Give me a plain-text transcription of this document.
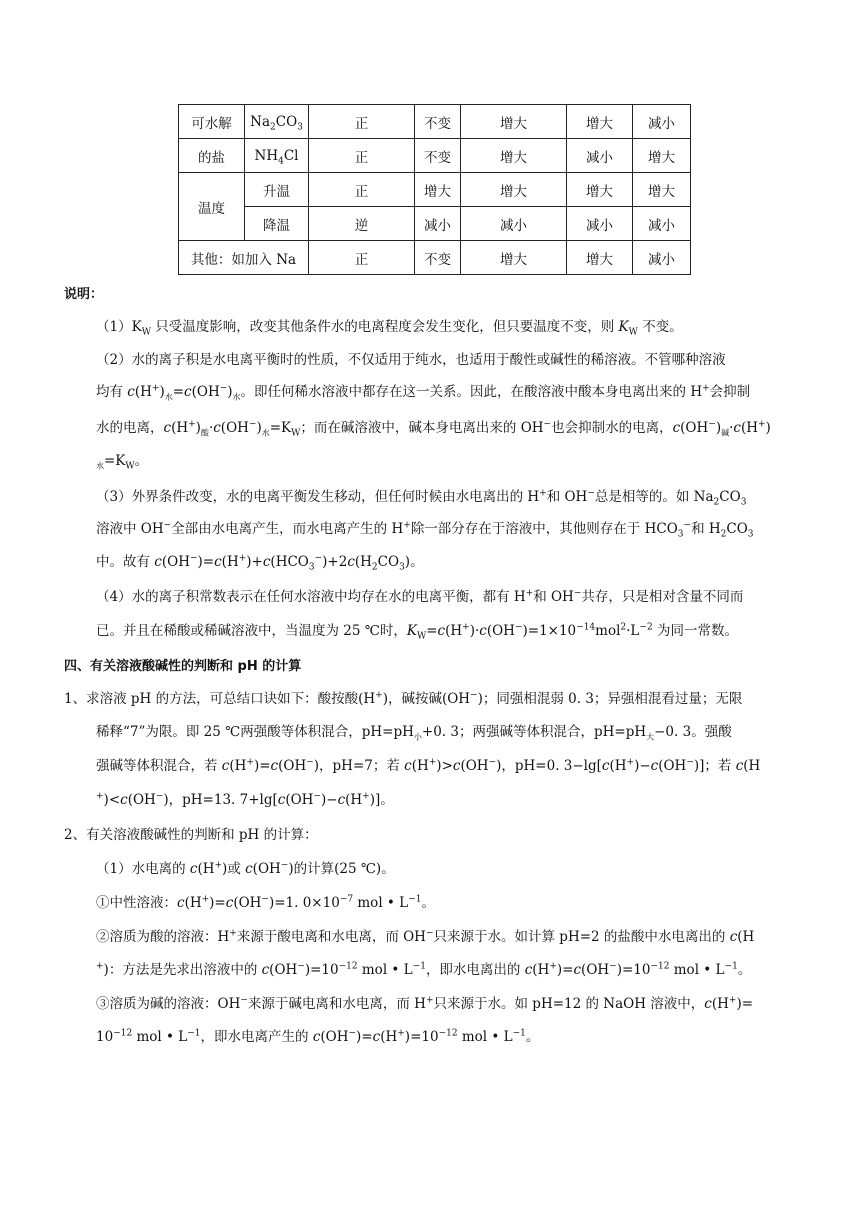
可水解	$Na_2CO_3$	正	不变	增大	增大	减小
的盐	$NH_4Cl$	正	不变	增大	减小	增大
温度	升温	正	增大	增大	增大	增大
	降温	逆	减小	减小	减小	减小
其他：如加入 Na		正	不变	增大	增大	减小
说明：
$(1)K_W$ 只受温度影响，改变其他条件水的电离程度会发生变化，但只要温度不变，则 $K_W$ 不变。
（2）水的离子积是水电离平衡时的性质，不仅适用于纯水，也适用于酸性或碱性的稀溶液。不管哪种溶液
均有 $c(H^+)_水=c(OH^-)_水$。即任何稀水溶液中都存在这一关系。因此，在酸溶液中酸本身电离出来的 H+会抑制
水的电离，$c(H^+)_酸\cdot c(OH^-)_水=K_W$；而在碱溶液中，碱本身电离出来的 OH−也会抑制水的电离，$c(OH^-)_碱\cdot c(H^+)$
$_水=K_W$。
（3）外界条件改变，水的电离平衡发生移动，但任何时候由水电离出的 H+和 OH−总是相等的。如 $Na_2CO_3$
溶液中 OH−全部由水电离产生，而水电离产生的 H+除一部分存在于溶液中，其他则存在于 $HCO_3^-$和 $H_2CO_3$
中。故有 $c(OH^-)=c(H^+)+c(HCO_3^-)+2c(H_2CO_3)$。
（4）水的离子积常数表示在任何水溶液中均存在水的电离平衡，都有 H+和 OH−共存，只是相对含量不同而
已。并且在稀酸或稀碱溶液中，当温度为 25 ℃时，$K_W=c(H^+)\cdot c(OH^-)=1\times 10^{-14}mol^2\cdot L^{-2}$ 为同一常数。
四、有关溶液酸碱性的判断和 pH 的计算
1、求溶液 pH 的方法，可总结口诀如下：酸按酸(H+)，碱按碱(OH−)；同强相混弱 0. 3；异强相混看过量；无限
稀释“7”为限。即 25 ℃两强酸等体积混合，$pH=pH_小+0$. 3；两强碱等体积混合，$pH=pH_大-0$. 3。强酸
强碱等体积混合，若 c(H+)=c(OH−)，pH=7；若 c(H+)>c(OH−)，pH=0. 3−lg[c(H+)−c(OH−)]；若 c(H
+)<c(OH−)，pH=13. 7+lg[c(OH−)−c(H+)]。
2、有关溶液酸碱性的判断和 pH 的计算：
（1）水电离的 c(H+)或 c(OH−)的计算(25 ℃)。
①中性溶液：c(H+)=c(OH−)=1. $0\times 10^{-7}$ mol • $L^{-1}$。
②溶质为酸的溶液：H+来源于酸电离和水电离，而 OH−只来源于水。如计算 pH=2 的盐酸中水电离出的 c(H
+)：方法是先求出溶液中的 $c(OH^-)=10^{-12}$ mol • $L^{-1}$，即水电离出的 $c(H^+)=c(OH^-)=10^{-12}$ mol • $L^{-1}$。
③溶质为碱的溶液：OH−来源于碱电离和水电离，而 H+只来源于水。如 pH=12 的 NaOH 溶液中，c(H+)=
$10^{-12}$ mol • $L^{-1}$，即水电离产生的 $c(OH^-)=c(H^+)=10^{-12}$ mol • $L^{-1}$。
